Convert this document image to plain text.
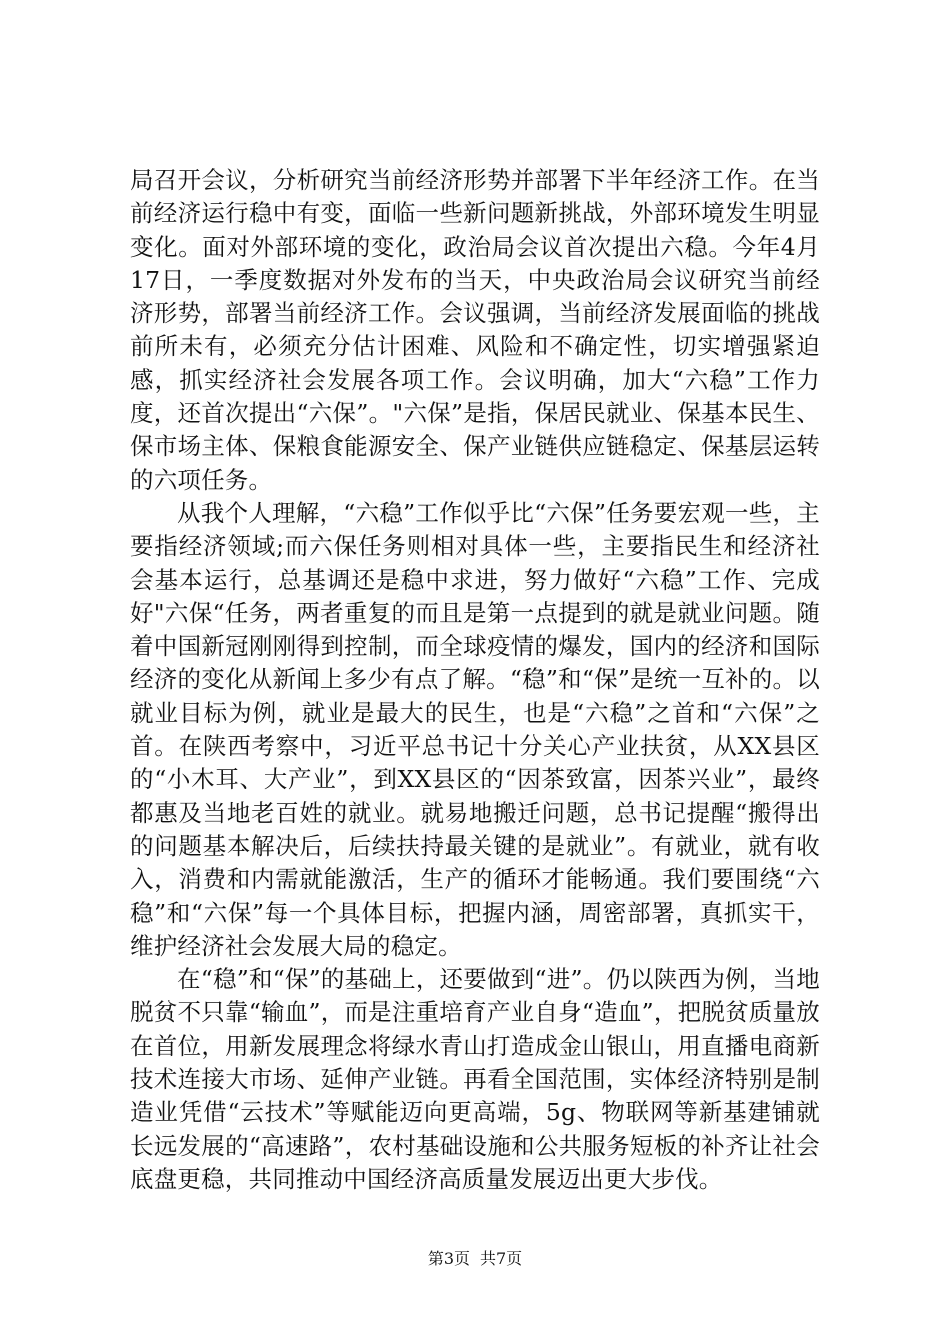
局召开会议，分析研究当前经济形势并部署下半年经济工作。在当前经济运行稳中有变，面临一些新问题新挑战，外部环境发生明显变化。面对外部环境的变化，政治局会议首次提出六稳。今年4月17日，一季度数据对外发布的当天，中央政治局会议研究当前经济形势，部署当前经济工作。会议强调，当前经济发展面临的挑战前所未有，必须充分估计困难、风险和不确定性，切实增强紧迫感，抓实经济社会发展各项工作。会议明确，加大“六稳”工作力度，还首次提出“六保”。"六保”是指，保居民就业、保基本民生、保市场主体、保粮食能源安全、保产业链供应链稳定、保基层运转的六项任务。

从我个人理解，“六稳”工作似乎比“六保”任务要宏观一些，主要指经济领域;而六保任务则相对具体一些，主要指民生和经济社会基本运行，总基调还是稳中求进，努力做好“六稳”工作、完成好"六保“任务，两者重复的而且是第一点提到的就是就业问题。随着中国新冠刚刚得到控制，而全球疫情的爆发，国内的经济和国际经济的变化从新闻上多少有点了解。“稳”和“保”是统一互补的。以就业目标为例，就业是最大的民生，也是“六稳”之首和“六保”之首。在陕西考察中，习近平总书记十分关心产业扶贫，从XX县区的“小木耳、大产业”，到XX县区的“因茶致富，因茶兴业”，最终都惠及当地老百姓的就业。就易地搬迁问题，总书记提醒“搬得出的问题基本解决后，后续扶持最关键的是就业”。有就业，就有收入，消费和内需就能激活，生产的循环才能畅通。我们要围绕“六稳”和“六保”每一个具体目标，把握内涵，周密部署，真抓实干，维护经济社会发展大局的稳定。

在“稳”和“保”的基础上，还要做到“进”。仍以陕西为例，当地脱贫不只靠“输血”，而是注重培育产业自身“造血”，把脱贫质量放在首位，用新发展理念将绿水青山打造成金山银山，用直播电商新技术连接大市场、延伸产业链。再看全国范围，实体经济特别是制造业凭借“云技术”等赋能迈向更高端，5g、物联网等新基建铺就长远发展的“高速路”，农村基础设施和公共服务短板的补齐让社会底盘更稳，共同推动中国经济高质量发展迈出更大步伐。

第3页 共7页
